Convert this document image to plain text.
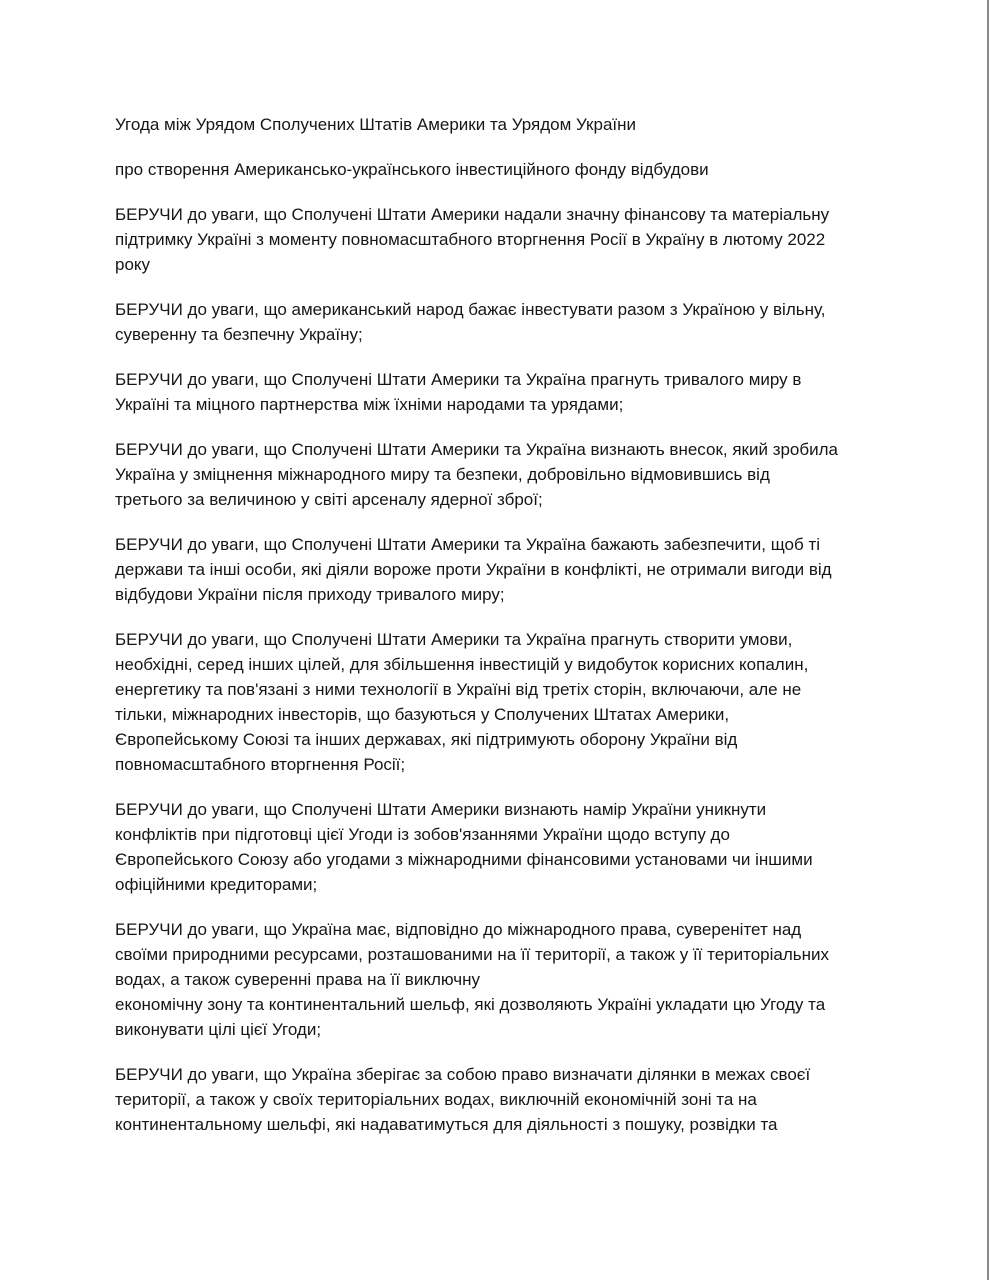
Угода між Урядом Сполучених Штатів Америки та Урядом України
про створення Американсько-українського інвестиційного фонду відбудови
БЕРУЧИ до уваги, що Сполучені Штати Америки надали значну фінансову та матеріальну
підтримку Україні з моменту повномасштабного вторгнення Росії в Україну в лютому 2022
року
БЕРУЧИ до уваги, що американський народ бажає інвестувати разом з Україною у вільну,
суверенну та безпечну Україну;
БЕРУЧИ до уваги, що Сполучені Штати Америки та Україна прагнуть тривалого миру в
Україні та міцного партнерства між їхніми народами та урядами;
БЕРУЧИ до уваги, що Сполучені Штати Америки та Україна визнають внесок, який зробила
Україна у зміцнення міжнародного миру та безпеки, добровільно відмовившись від
третього за величиною у світі арсеналу ядерної зброї;
БЕРУЧИ до уваги, що Сполучені Штати Америки та Україна бажають забезпечити, щоб ті
держави та інші особи, які діяли вороже проти України в конфлікті, не отримали вигоди від
відбудови України після приходу тривалого миру;
БЕРУЧИ до уваги, що Сполучені Штати Америки та Україна прагнуть створити умови,
необхідні, серед інших цілей, для збільшення інвестицій у видобуток корисних копалин,
енергетику та пов'язані з ними технології в Україні від третіх сторін, включаючи, але не
тільки, міжнародних інвесторів, що базуються у Сполучених Штатах Америки,
Європейському Союзі та інших державах, які підтримують оборону України від
повномасштабного вторгнення Росії;
БЕРУЧИ до уваги, що Сполучені Штати Америки визнають намір України уникнути
конфліктів при підготовці цієї Угоди із зобов'язаннями України щодо вступу до
Європейського Союзу або угодами з міжнародними фінансовими установами чи іншими
офіційними кредиторами;
БЕРУЧИ до уваги, що Україна має, відповідно до міжнародного права, суверенітет над
своїми природними ресурсами, розташованими на її території, а також у її територіальних
водах, а також суверенні права на її виключну
економічну зону та континентальний шельф, які дозволяють Україні укладати цю Угоду та
виконувати цілі цієї Угоди;
БЕРУЧИ до уваги, що Україна зберігає за собою право визначати ділянки в межах своєї
території, а також у своїх територіальних водах, виключній економічній зоні та на
континентальному шельфі, які надаватимуться для діяльності з пошуку, розвідки та
